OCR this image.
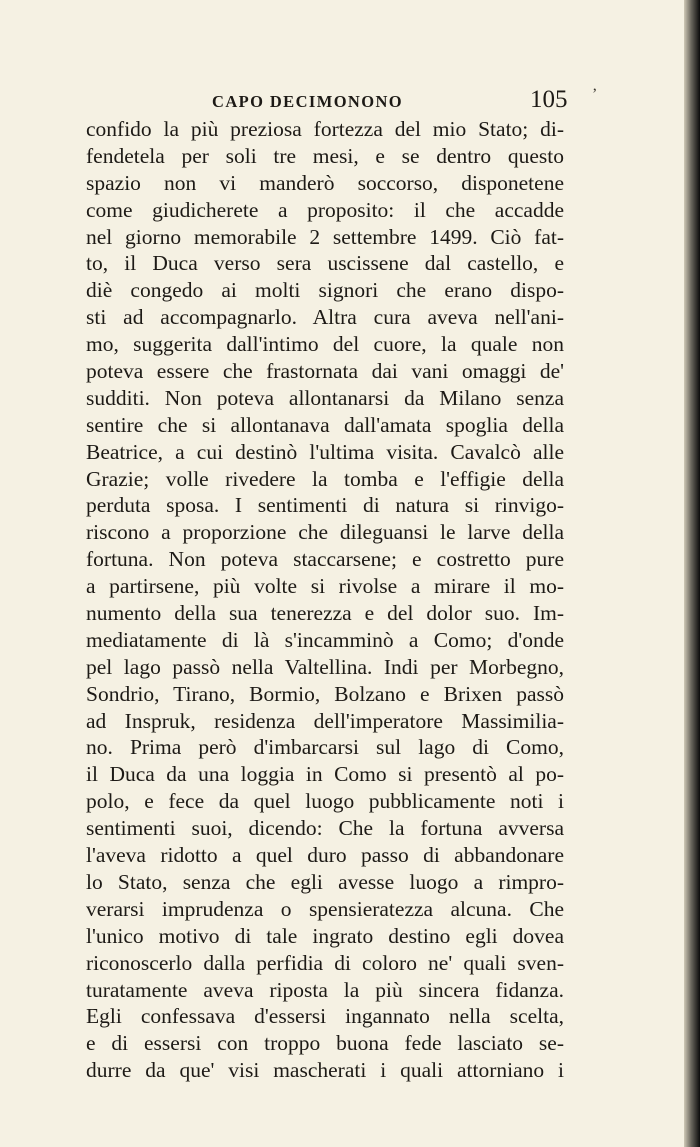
CAPO DECIMONONO	105 ’
confido la più preziosa fortezza del mio Stato; di-
fendetela per soli tre mesi, e se dentro questo
spazio non vi manderò soccorso, disponetene
come giudicherete a proposito: il che accadde
nel giorno memorabile 2 settembre 1499. Ciò fat-
to, il Duca verso sera uscissene dal castello, e
diè congedo ai molti signori che erano dispo-
sti ad accompagnarlo. Altra cura aveva nell'ani-
mo, suggerita dall'intimo del cuore, la quale non
poteva essere che frastornata dai vani omaggi de'
sudditi. Non poteva allontanarsi da Milano senza
sentire che si allontanava dall'amata spoglia della
Beatrice, a cui destinò l'ultima visita. Cavalcò alle
Grazie; volle rivedere la tomba e l'effigie della
perduta sposa. I sentimenti di natura si rinvigo-
riscono a proporzione che dileguansi le larve della
fortuna. Non poteva staccarsene; e costretto pure
a partirsene, più volte si rivolse a mirare il mo-
numento della sua tenerezza e del dolor suo. Im-
mediatamente di là s'incamminò a Como; d'onde
pel lago passò nella Valtellina. Indi per Morbegno,
Sondrio, Tirano, Bormio, Bolzano e Brixen passò
ad Inspruk, residenza dell'imperatore Massimilia-
no. Prima però d'imbarcarsi sul lago di Como,
il Duca da una loggia in Como si presentò al po-
polo, e fece da quel luogo pubblicamente noti i
sentimenti suoi, dicendo: Che la fortuna avversa
l'aveva ridotto a quel duro passo di abbandonare
lo Stato, senza che egli avesse luogo a rimpro-
verarsi imprudenza o spensieratezza alcuna. Che
l'unico motivo di tale ingrato destino egli dovea
riconoscerlo dalla perfidia di coloro ne' quali sven-
turatamente aveva riposta la più sincera fidanza.
Egli confessava d'essersi ingannato nella scelta,
e di essersi con troppo buona fede lasciato se-
durre da que' visi mascherati i quali attorniano i
